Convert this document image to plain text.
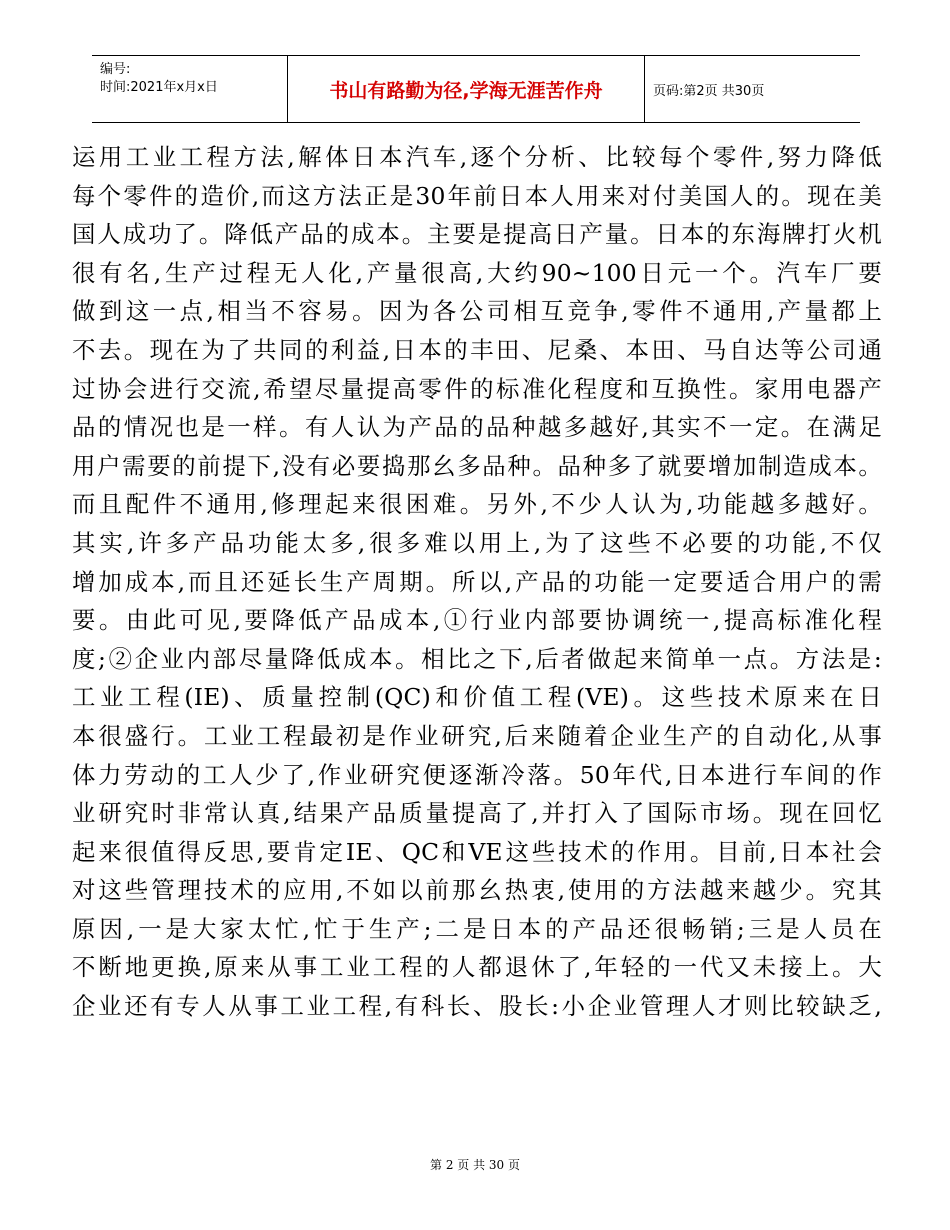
编号:
时间:2021年x月x日	书山有路勤为径,学海无涯苦作舟	页码:第2页 共30页
运用工业工程方法,解体日本汽车,逐个分析、比较每个零件,努力降低
每个零件的造价,而这方法正是30年前日本人用来对付美国人的。现在美
国人成功了。降低产品的成本。主要是提高日产量。日本的东海牌打火机
很有名,生产过程无人化,产量很高,大约90~100日元一个。汽车厂要
做到这一点,相当不容易。因为各公司相互竞争,零件不通用,产量都上
不去。现在为了共同的利益,日本的丰田、尼桑、本田、马自达等公司通
过协会进行交流,希望尽量提高零件的标准化程度和互换性。家用电器产
品的情况也是一样。有人认为产品的品种越多越好,其实不一定。在满足
用户需要的前提下,没有必要捣那幺多品种。品种多了就要增加制造成本。
而且配件不通用,修理起来很困难。另外,不少人认为,功能越多越好。
其实,许多产品功能太多,很多难以用上,为了这些不必要的功能,不仅
增加成本,而且还延长生产周期。所以,产品的功能一定要适合用户的需
要。由此可见,要降低产品成本,①行业内部要协调统一,提高标准化程
度;②企业内部尽量降低成本。相比之下,后者做起来简单一点。方法是:
工业工程(IE)、质量控制(QC)和价值工程(VE)。这些技术原来在日
本很盛行。工业工程最初是作业研究,后来随着企业生产的自动化,从事
体力劳动的工人少了,作业研究便逐渐冷落。50年代,日本进行车间的作
业研究时非常认真,结果产品质量提高了,并打入了国际市场。现在回忆
起来很值得反思,要肯定IE、QC和VE这些技术的作用。目前,日本社会
对这些管理技术的应用,不如以前那幺热衷,使用的方法越来越少。究其
原因,一是大家太忙,忙于生产;二是日本的产品还很畅销;三是人员在
不断地更换,原来从事工业工程的人都退休了,年轻的一代又未接上。大
企业还有专人从事工业工程,有科长、股长:小企业管理人才则比较缺乏,
第 2 页 共 30 页
